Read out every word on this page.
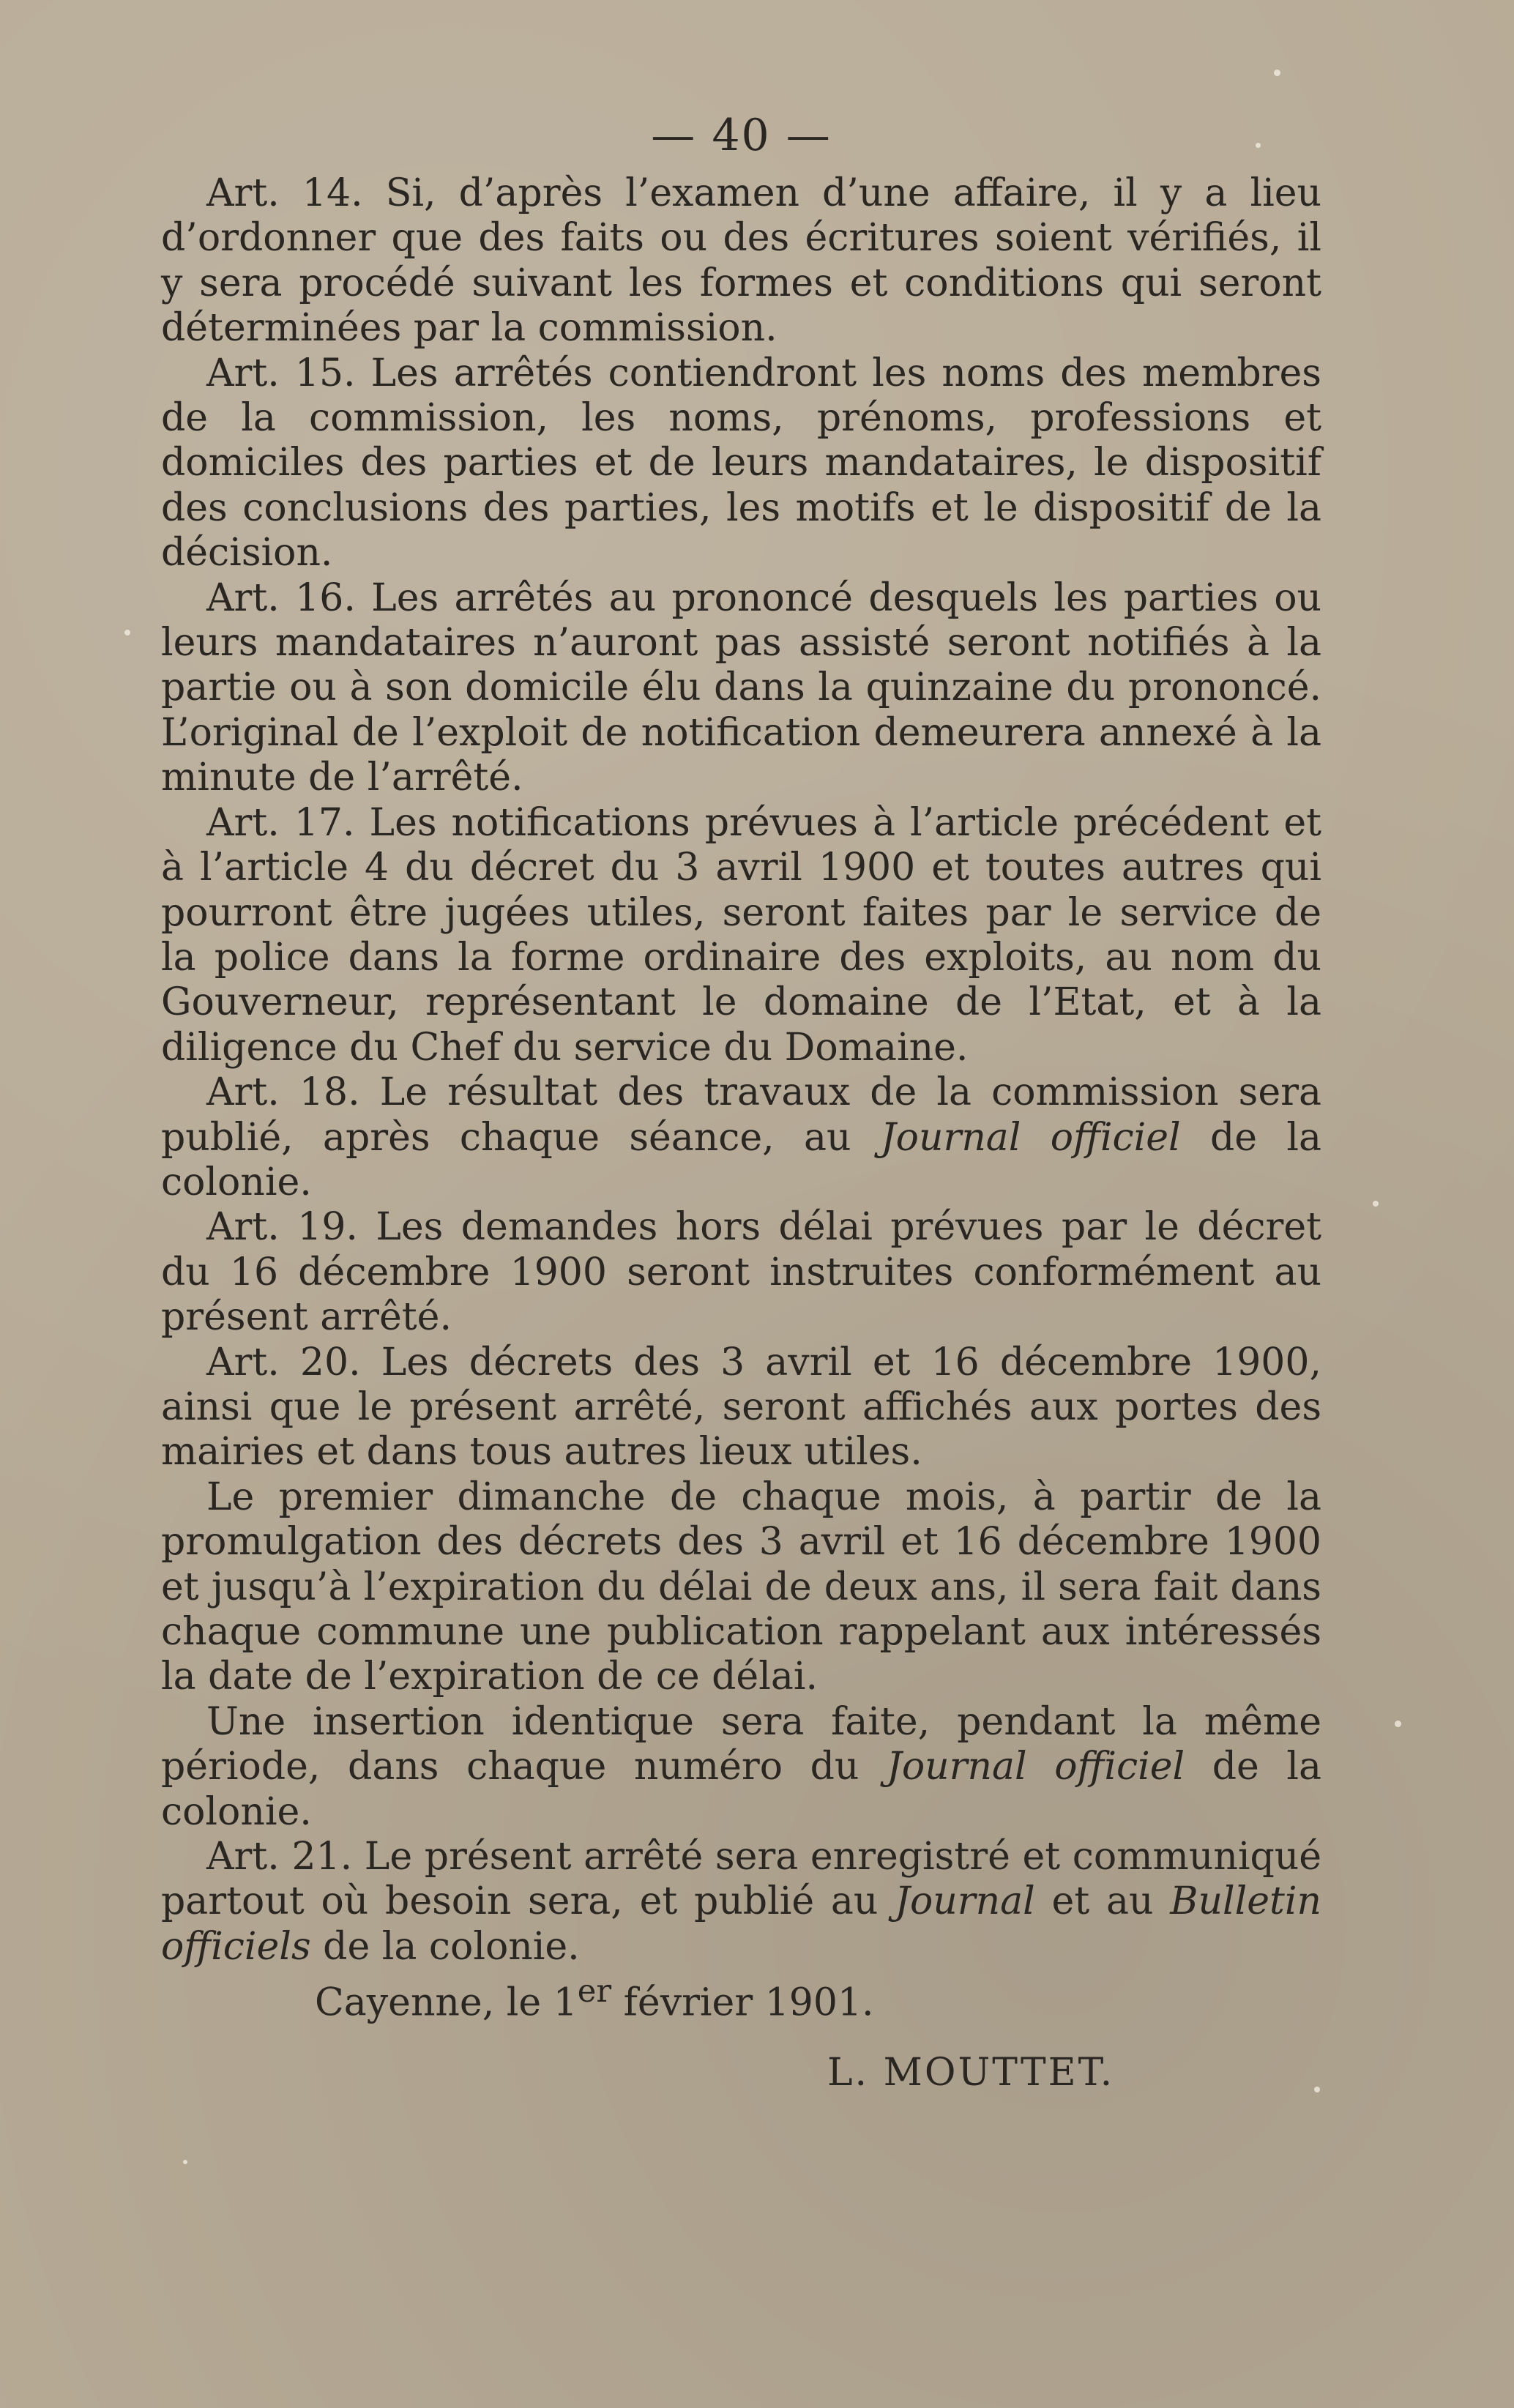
— 40 —

Art. 14. Si, d’après l’examen d’une affaire, il y a lieu d’ordonner que des faits ou des écritures soient vérifiés, il y sera procédé suivant les formes et conditions qui seront déterminées par la commission.

Art. 15. Les arrêtés contiendront les noms des membres de la commission, les noms, prénoms, professions et domiciles des parties et de leurs mandataires, le dispositif des conclusions des parties, les motifs et le dispositif de la décision.

Art. 16. Les arrêtés au prononcé desquels les parties ou leurs mandataires n’auront pas assisté seront notifiés à la partie ou à son domicile élu dans la quinzaine du prononcé. L’original de l’exploit de notification demeurera annexé à la minute de l’arrêté.

Art. 17. Les notifications prévues à l’article précédent et à l’article 4 du décret du 3 avril 1900 et toutes autres qui pourront être jugées utiles, seront faites par le service de la police dans la forme ordinaire des exploits, au nom du Gouverneur, représentant le domaine de l’Etat, et à la diligence du Chef du service du Domaine.

Art. 18. Le résultat des travaux de la commission sera publié, après chaque séance, au Journal officiel de la colonie.

Art. 19. Les demandes hors délai prévues par le décret du 16 décembre 1900 seront instruites conformément au présent arrêté.

Art. 20. Les décrets des 3 avril et 16 décembre 1900, ainsi que le présent arrêté, seront affichés aux portes des mairies et dans tous autres lieux utiles.

Le premier dimanche de chaque mois, à partir de la promulgation des décrets des 3 avril et 16 décembre 1900 et jusqu’à l’expiration du délai de deux ans, il sera fait dans chaque commune une publication rappelant aux intéressés la date de l’expiration de ce délai.

Une insertion identique sera faite, pendant la même période, dans chaque numéro du Journal officiel de la colonie.

Art. 21. Le présent arrêté sera enregistré et communiqué partout où besoin sera, et publié au Journal et au Bulletin officiels de la colonie.

Cayenne, le 1er février 1901.

L. MOUTTET.
